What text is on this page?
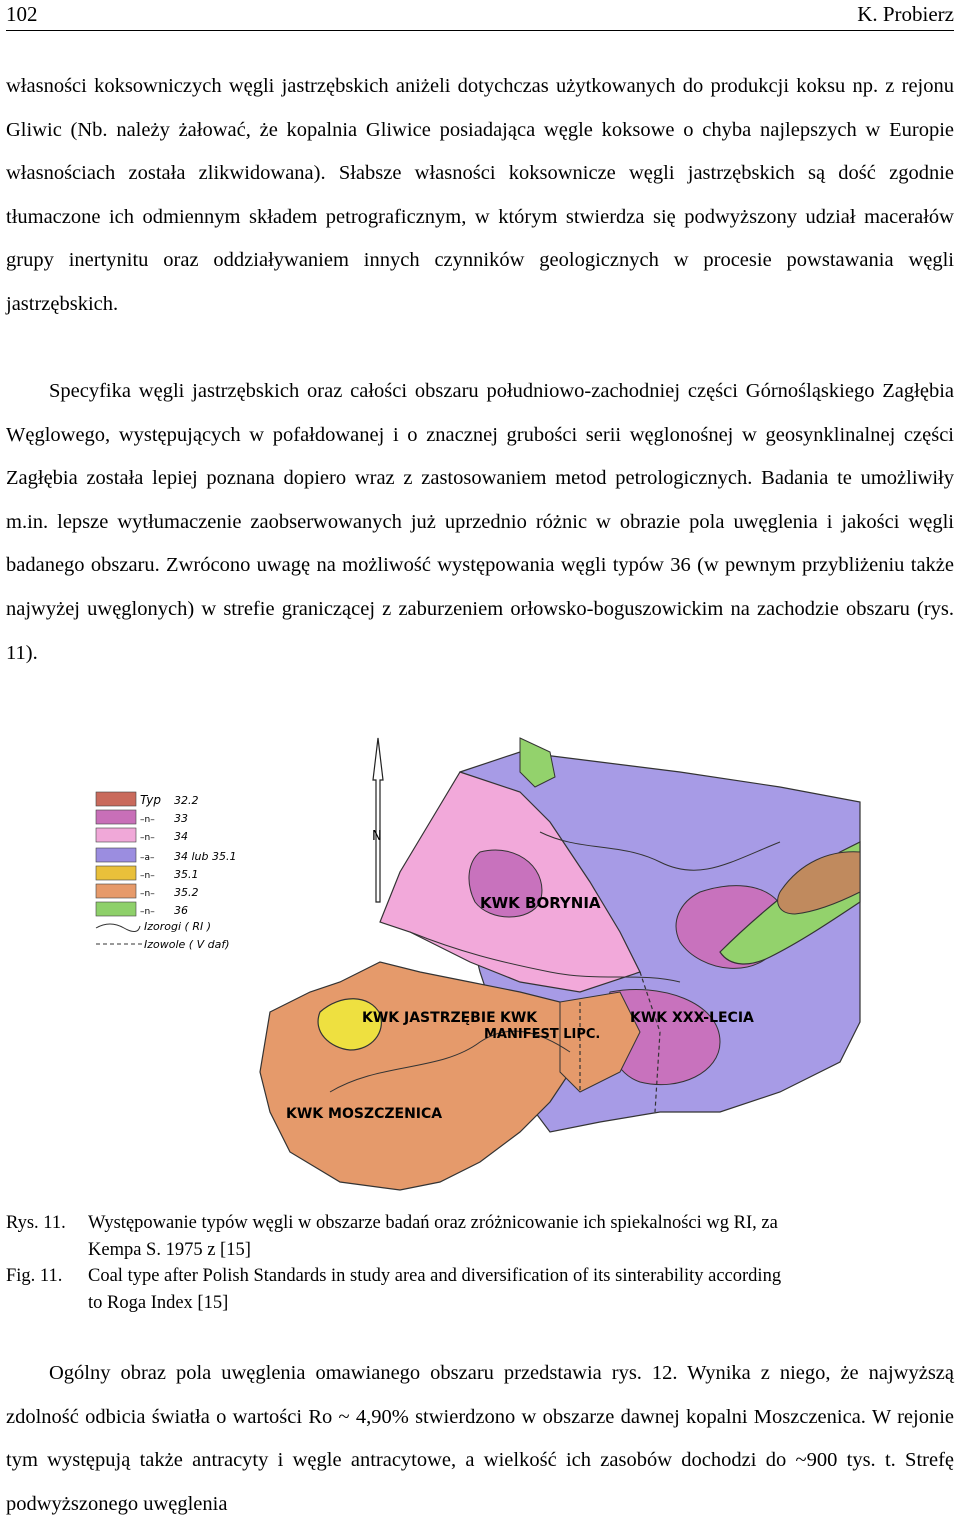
102	K. Probierz

własności koksowniczych węgli jastrzębskich aniżeli dotychczas użytkowanych do produkcji koksu np. z rejonu Gliwic (Nb. należy żałować, że kopalnia Gliwice posiadająca węgle koksowe o chyba najlepszych w Europie własnościach została zlikwidowana). Słabsze własności koksownicze węgli jastrzębskich są dość zgodnie tłumaczone ich odmiennym składem petrograficznym, w którym stwierdza się podwyższony udział macerałów grupy inertynitu oraz oddziaływaniem innych czynników geologicznych w procesie powstawania węgli jastrzębskich.

Specyfika węgli jastrzębskich oraz całości obszaru południowo-zachodniej części Górnośląskiego Zagłębia Węglowego, występujących w pofałdowanej i o znacznej grubości serii węglonośnej w geosynklinalnej części Zagłębia została lepiej poznana dopiero wraz z zastosowaniem metod petrologicznych. Badania te umożliwiły m.in. lepsze wytłumaczenie zaobserwowanych już uprzednio różnic w obrazie pola uwęglenia i jakości węgli badanego obszaru. Zwrócono uwagę na możliwość występowania węgli typów 36 (w pewnym przybliżeniu także najwyżej uwęglonych) w strefie graniczącej z zaburzeniem orłowsko-boguszowickim na zachodzie obszaru (rys. 11).

Typ 32.2
–n– 33
–n– 34
–a– 34 lub 35.1
–n– 35.1
–n– 35.2
–n– 36
Izorogi ( RI )
Izowole ( V daf)
N
KWK BORYNIA
KWK JASTRZĘBIE KWK
MANIFEST LIPC.
KWK XXX-LECIA
KWK MOSZCZENICA
Rys. 11.	Występowanie typów węgli w obszarze badań oraz zróżnicowanie ich spiekalności wg RI, za
Kempa S. 1975 z [15]
Fig. 11.	Coal type after Polish Standards in study area and diversification of its sinterability according
to Roga Index [15]

Ogólny obraz pola uwęglenia omawianego obszaru przedstawia rys. 12. Wynika z niego, że najwyższą zdolność odbicia światła o wartości Ro ~ 4,90% stwierdzono w obszarze dawnej kopalni Moszczenica. W rejonie tym występują także antracyty i węgle antracytowe, a wielkość ich zasobów dochodzi do ~900 tys. t. Strefę podwyższonego uwęglenia
